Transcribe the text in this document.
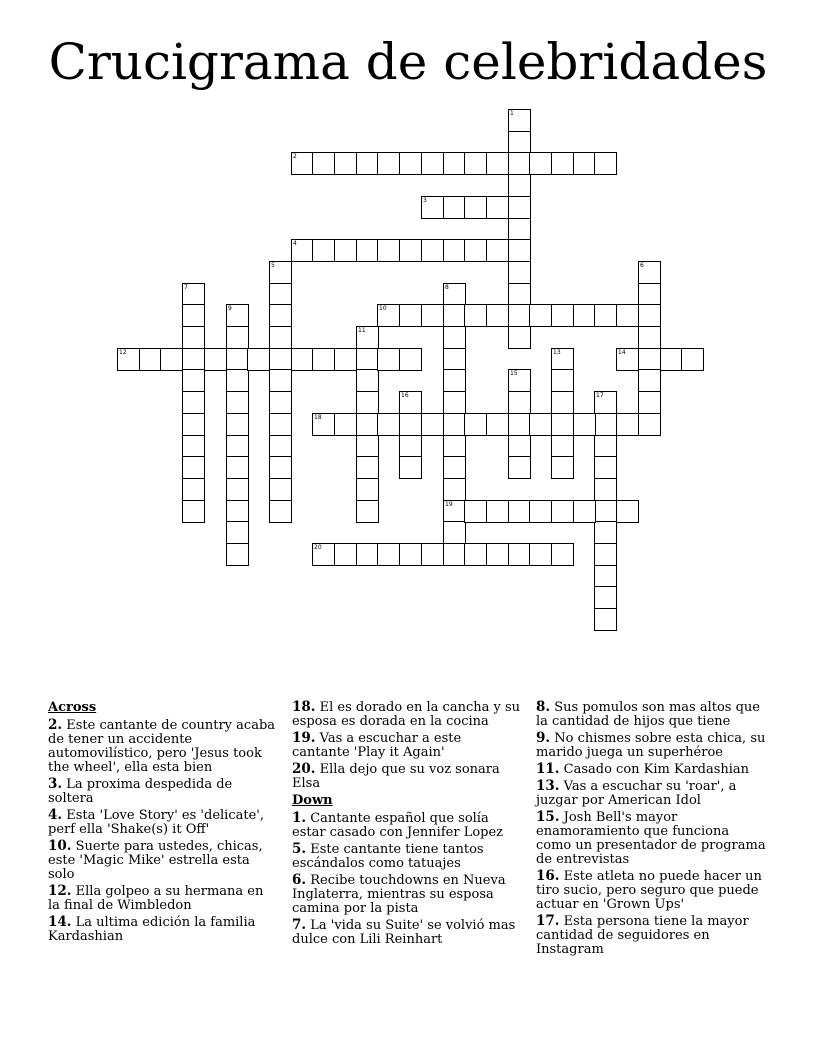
Crucigrama de celebridades
1
2
3
4
5	6
7	8
9	10
11
12	13	14
15
16	17
18
19
20
Across
2. Este cantante de country acaba de tener un accidente automovilístico, pero 'Jesus took the wheel', ella esta bien
3. La proxima despedida de soltera
4. Esta 'Love Story' es 'delicate', perf ella 'Shake(s) it Off'
10. Suerte para ustedes, chicas, este 'Magic Mike' estrella esta solo
12. Ella golpeo a su hermana en la final de Wimbledon
14. La ultima edición la familia Kardashian
18. El es dorado en la cancha y su esposa es dorada en la cocina
19. Vas a escuchar a este cantante 'Play it Again'
20. Ella dejo que su voz sonara Elsa
Down
1. Cantante español que solía estar casado con Jennifer Lopez
5. Este cantante tiene tantos escándalos como tatuajes
6. Recibe touchdowns en Nueva Inglaterra, mientras su esposa camina por la pista
7. La 'vida su Suite' se volvió mas dulce con Lili Reinhart
8. Sus pomulos son mas altos que la cantidad de hijos que tiene
9. No chismes sobre esta chica, su marido juega un superhéroe
11. Casado con Kim Kardashian
13. Vas a escuchar su 'roar', a juzgar por American Idol
15. Josh Bell's mayor enamoramiento que funciona como un presentador de programa de entrevistas
16. Este atleta no puede hacer un tiro sucio, pero seguro que puede actuar en 'Grown Ups'
17. Esta persona tiene la mayor cantidad de seguidores en Instagram
